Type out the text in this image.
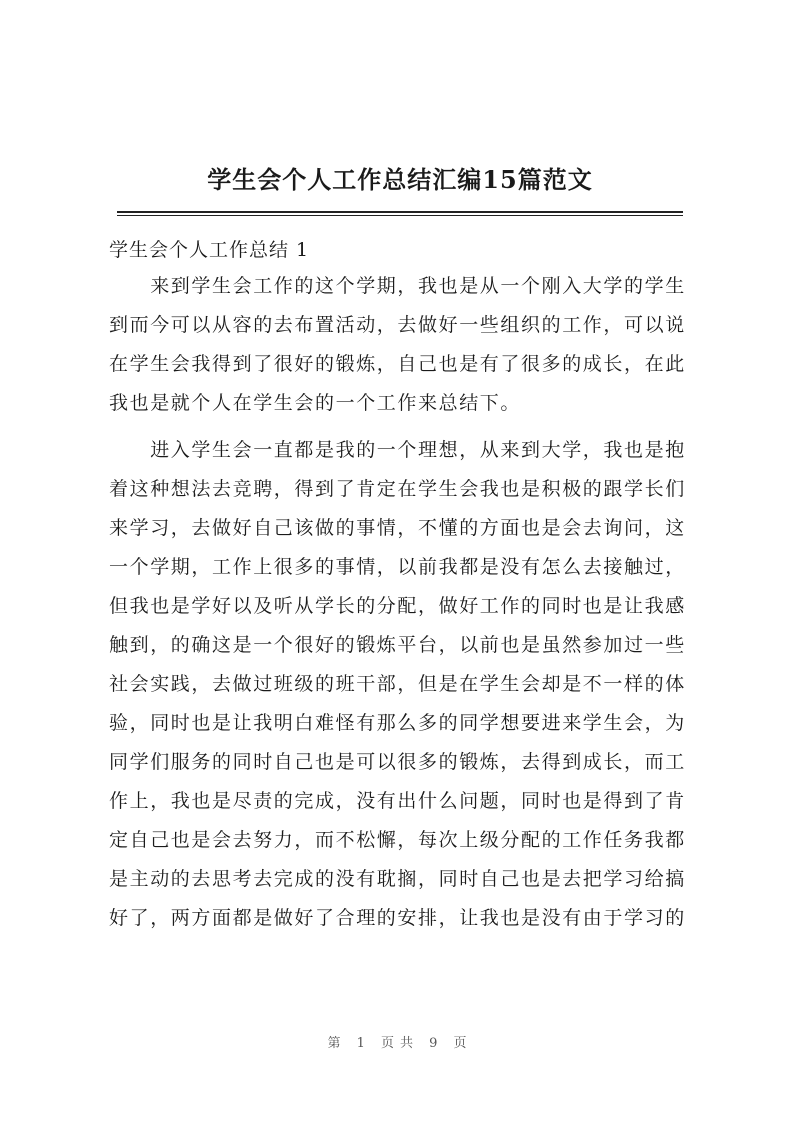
学生会个人工作总结汇编15篇范文
学生会个人工作总结 1
　　来到学生会工作的这个学期，我也是从一个刚入大学的学生
到而今可以从容的去布置活动，去做好一些组织的工作，可以说
在学生会我得到了很好的锻炼，自己也是有了很多的成长，在此
我也是就个人在学生会的一个工作来总结下。
　　进入学生会一直都是我的一个理想，从来到大学，我也是抱
着这种想法去竞聘，得到了肯定在学生会我也是积极的跟学长们
来学习，去做好自己该做的事情，不懂的方面也是会去询问，这
一个学期，工作上很多的事情，以前我都是没有怎么去接触过，
但我也是学好以及听从学长的分配，做好工作的同时也是让我感
触到，的确这是一个很好的锻炼平台，以前也是虽然参加过一些
社会实践，去做过班级的班干部，但是在学生会却是不一样的体
验，同时也是让我明白难怪有那么多的同学想要进来学生会，为
同学们服务的同时自己也是可以很多的锻炼，去得到成长，而工
作上，我也是尽责的完成，没有出什么问题，同时也是得到了肯
定自己也是会去努力，而不松懈，每次上级分配的工作任务我都
是主动的去思考去完成的没有耽搁，同时自己也是去把学习给搞
好了，两方面都是做好了合理的安排，让我也是没有由于学习的
第 1 页共 9 页
